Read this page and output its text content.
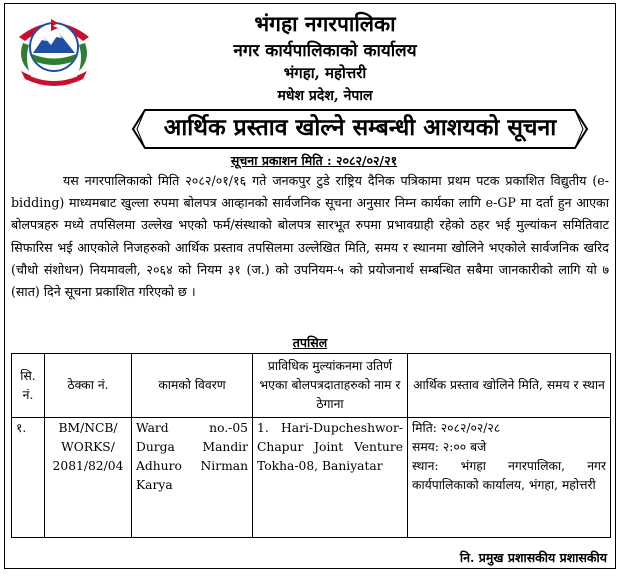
भंगहा नगरपालिका

नगर कार्यपालिकाको कार्यालय

भंगहा, महोत्तरी

मधेश प्रदेश, नेपाल

आर्थिक प्रस्ताव खोल्ने सम्बन्धी आशयको सूचना
सूचना प्रकाशन मिति : २०८२/०२/२१

यस नगरपालिकाको मिति २०८२/०१/१६ गते जनकपुर टुडे राष्ट्रिय दैनिक पत्रिकामा प्रथम पटक प्रकाशित विद्युतीय (e-bidding) माध्यमबाट खुल्ला रुपमा बोलपत्र आव्हानको सार्वजनिक सूचना अनुसार निम्न कार्यका लागि e-GP मा दर्ता हुन आएका बोलपत्रहरु मध्ये तपसिलमा उल्लेख भएको फर्म/संस्थाको बोलपत्र सारभूत रुपमा प्रभावग्राही रहेको ठहर भई मुल्यांकन समितिवाट सिफारिस भई आएकोले निजहरुको आर्थिक प्रस्ताव तपसिलमा उल्लेखित मिति, समय र स्थानमा खोलिने भएकोले सार्वजनिक खरिद (चौधो संशोधन) नियमावली, २०६४ को नियम ३१ (ज.) को उपनियम-५ को प्रयोजनार्थ सम्बन्धित सबैमा जानकारीको लागि यो ७ (सात) दिने सूचना प्रकाशित गरिएको छ ।

तपसिल
सि. नं.	ठेक्का नं.	कामको विवरण	प्राविधिक मुल्यांकनमा उतिर्ण भएका बोलपत्रदाताहरुको नाम र ठेगाना	आर्थिक प्रस्ताव खोलिने मिति, समय र स्थान
१.	BM/NCB/ WORKS/ 2081/82/04	Ward no.-05 Durga Mandir Adhuro Nirman Karya	1. Hari-Dupcheshwor-Chapur Joint Venture Tokha-08, Baniyatar	मिति: २०८२/०२/२८
समय: २:०० बजे
स्थान: भंगहा नगरपालिका, नगर कार्यपालिकाको कार्यालय, भंगहा, महोत्तरी
नि. प्रमुख प्रशासकीय प्रशासकीय
